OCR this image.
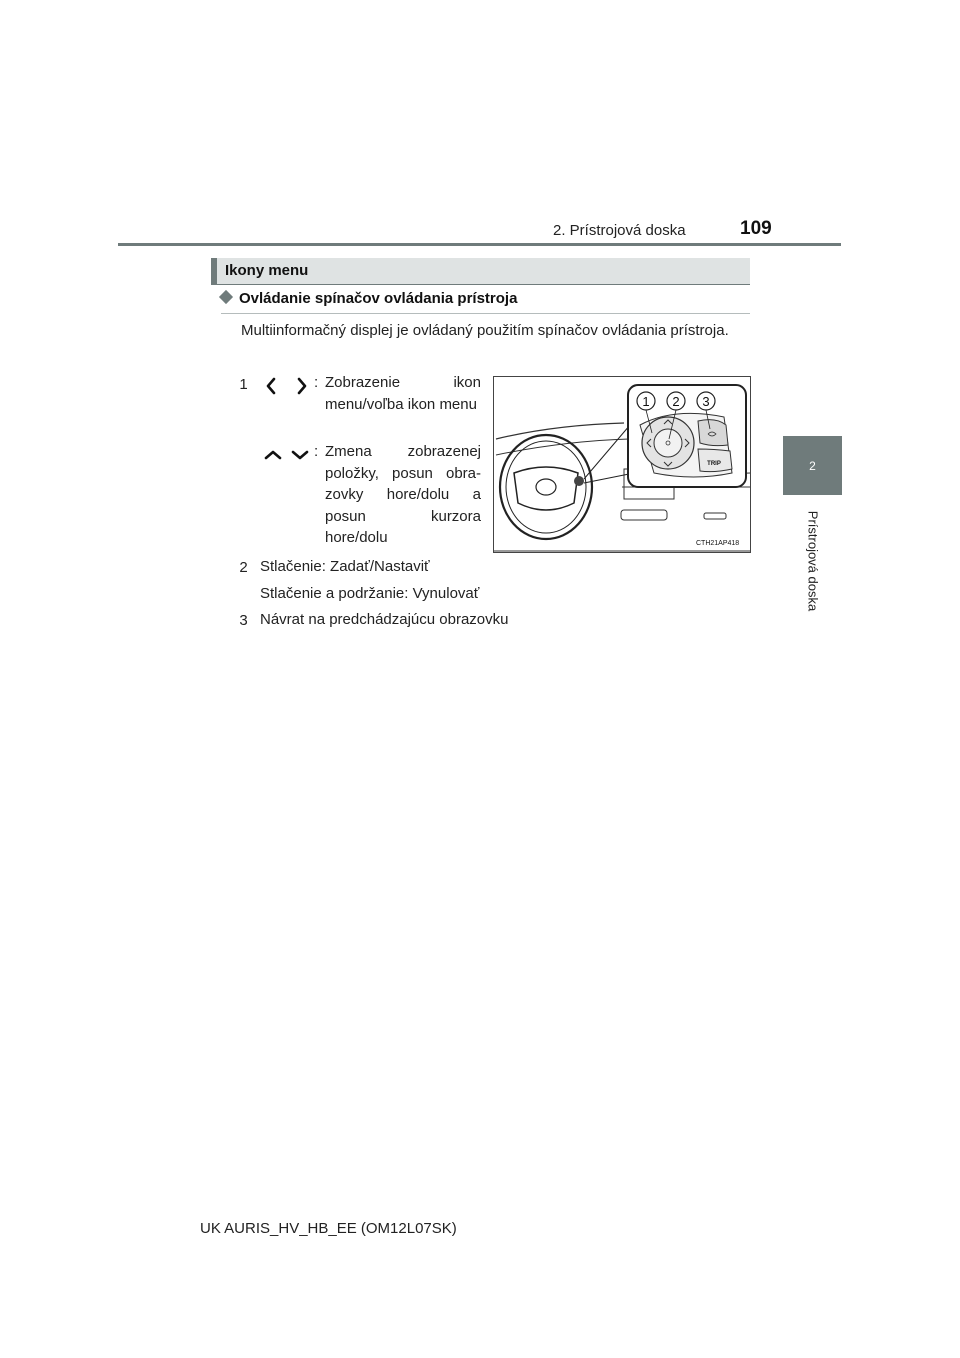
2. Prístrojová doska	109
2
Prístrojová doska
Ikony menu
Ovládanie spínačov ovládania prístroja
Multiinformačný displej je ovládaný použitím spínačov ovládania prístroja.
1	: Zobrazenie ikon menu/voľba ikon menu
: Zmena zobrazenej položky, posun obra-zovky hore/dolu a posun kurzora hore/dolu
2 Stlačenie: Zadať/Nastaviť
Stlačenie a podržanie: Vynulovať
3 Návrat na predchádzajúcu obrazovku
1 2 3
TRIP
CTH21AP418
UK AURIS_HV_HB_EE (OM12L07SK)
